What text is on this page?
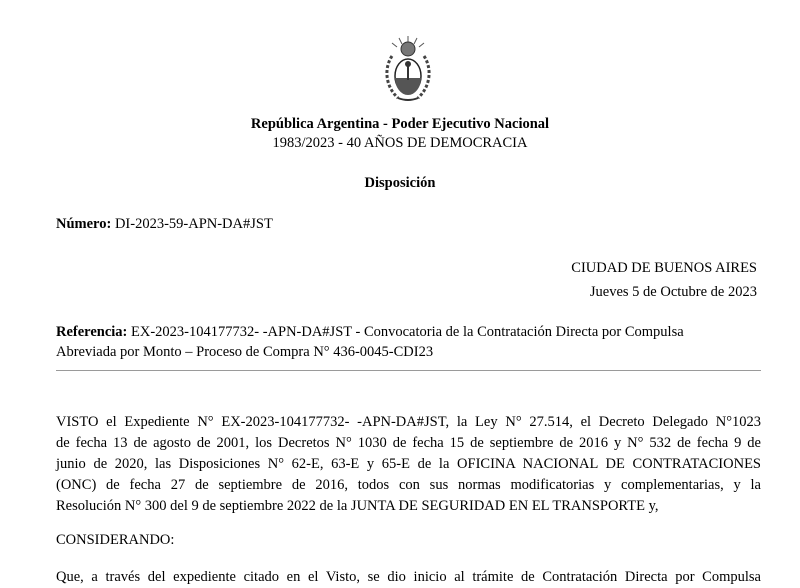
República Argentina - Poder Ejecutivo Nacional
1983/2023 - 40 AÑOS DE DEMOCRACIA
Disposición
Número: DI-2023-59-APN-DA#JST
CIUDAD DE BUENOS AIRES
Jueves 5 de Octubre de 2023
Referencia: EX-2023-104177732- -APN-DA#JST - Convocatoria de la Contratación Directa por Compulsa
Abreviada por Monto – Proceso de Compra N° 436-0045-CDI23
VISTO el Expediente N° EX-2023-104177732- -APN-DA#JST, la Ley N° 27.514, el Decreto Delegado N°1023
de fecha 13 de agosto de 2001, los Decretos N° 1030 de fecha 15 de septiembre de 2016 y N° 532 de fecha 9 de
junio de 2020, las Disposiciones N° 62-E, 63-E y 65-E de la OFICINA NACIONAL DE CONTRATACIONES
(ONC) de fecha 27 de septiembre de 2016, todos con sus normas modificatorias y complementarias, y la
Resolución N° 300 del 9 de septiembre 2022 de la JUNTA DE SEGURIDAD EN EL TRANSPORTE y,
CONSIDERANDO:
Que, a través del expediente citado en el Visto, se dio inicio al trámite de Contratación Directa por Compulsa
